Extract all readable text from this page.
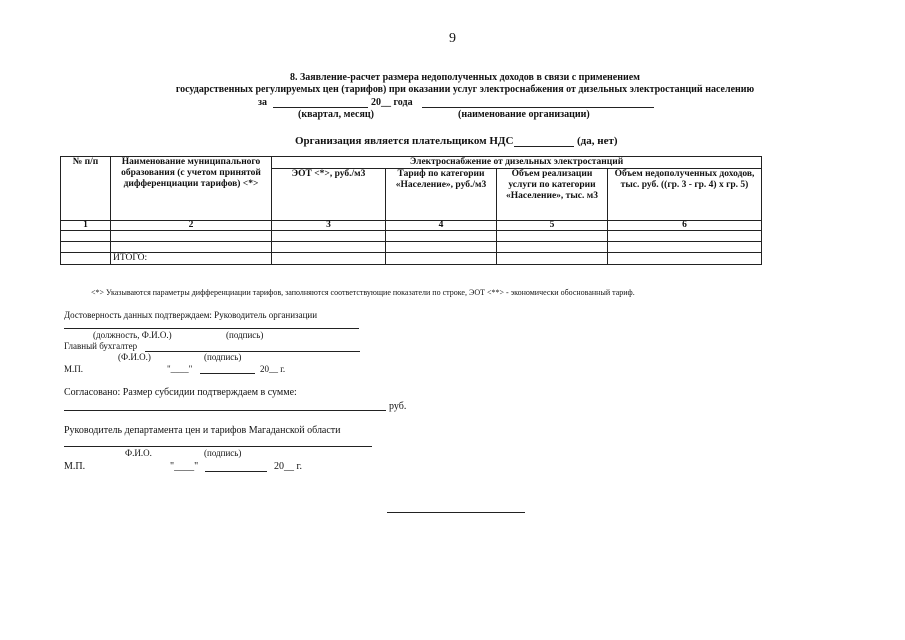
9
8. Заявление-расчет размера недополученных доходов в связи с применением
государственных регулируемых цен (тарифов) при оказании услуг электроснабжения от дизельных электростанций населению
за	20__ года
(квартал, месяц)	(наименование организации)
Организация является плательщиком НДС	(да, нет)
№ п/п	Наименование муниципального образования (с учетом принятой дифференциации тарифов) <*>	Электроснабжение от дизельных электростанций			
		ЭОТ <*>, руб./м3	Тариф по категории «Население», руб./м3	Объем реализации услуги по категории «Население», тыс. м3	Объем недополученных доходов, тыс. руб. ((гр. 3 - гр. 4) х гр. 5)
1	2	3	4	5	6

	ИТОГО:				
<*> Указываются параметры дифференциации тарифов, заполняются соответствующие показатели по строке, ЭОТ <**> - экономически обоснованный тариф.
Достоверность данных подтверждаем: Руководитель организации
(должность, Ф.И.О.)	(подпись)
Главный бухгалтер
(Ф.И.О.)	(подпись)
М.П.	"____"	20__ г.
Согласовано: Размер субсидии подтверждаем в сумме:
руб.
Руководитель департамента цен и тарифов Магаданской области
Ф.И.О.	(подпись)
М.П.	"____"	20__ г.
